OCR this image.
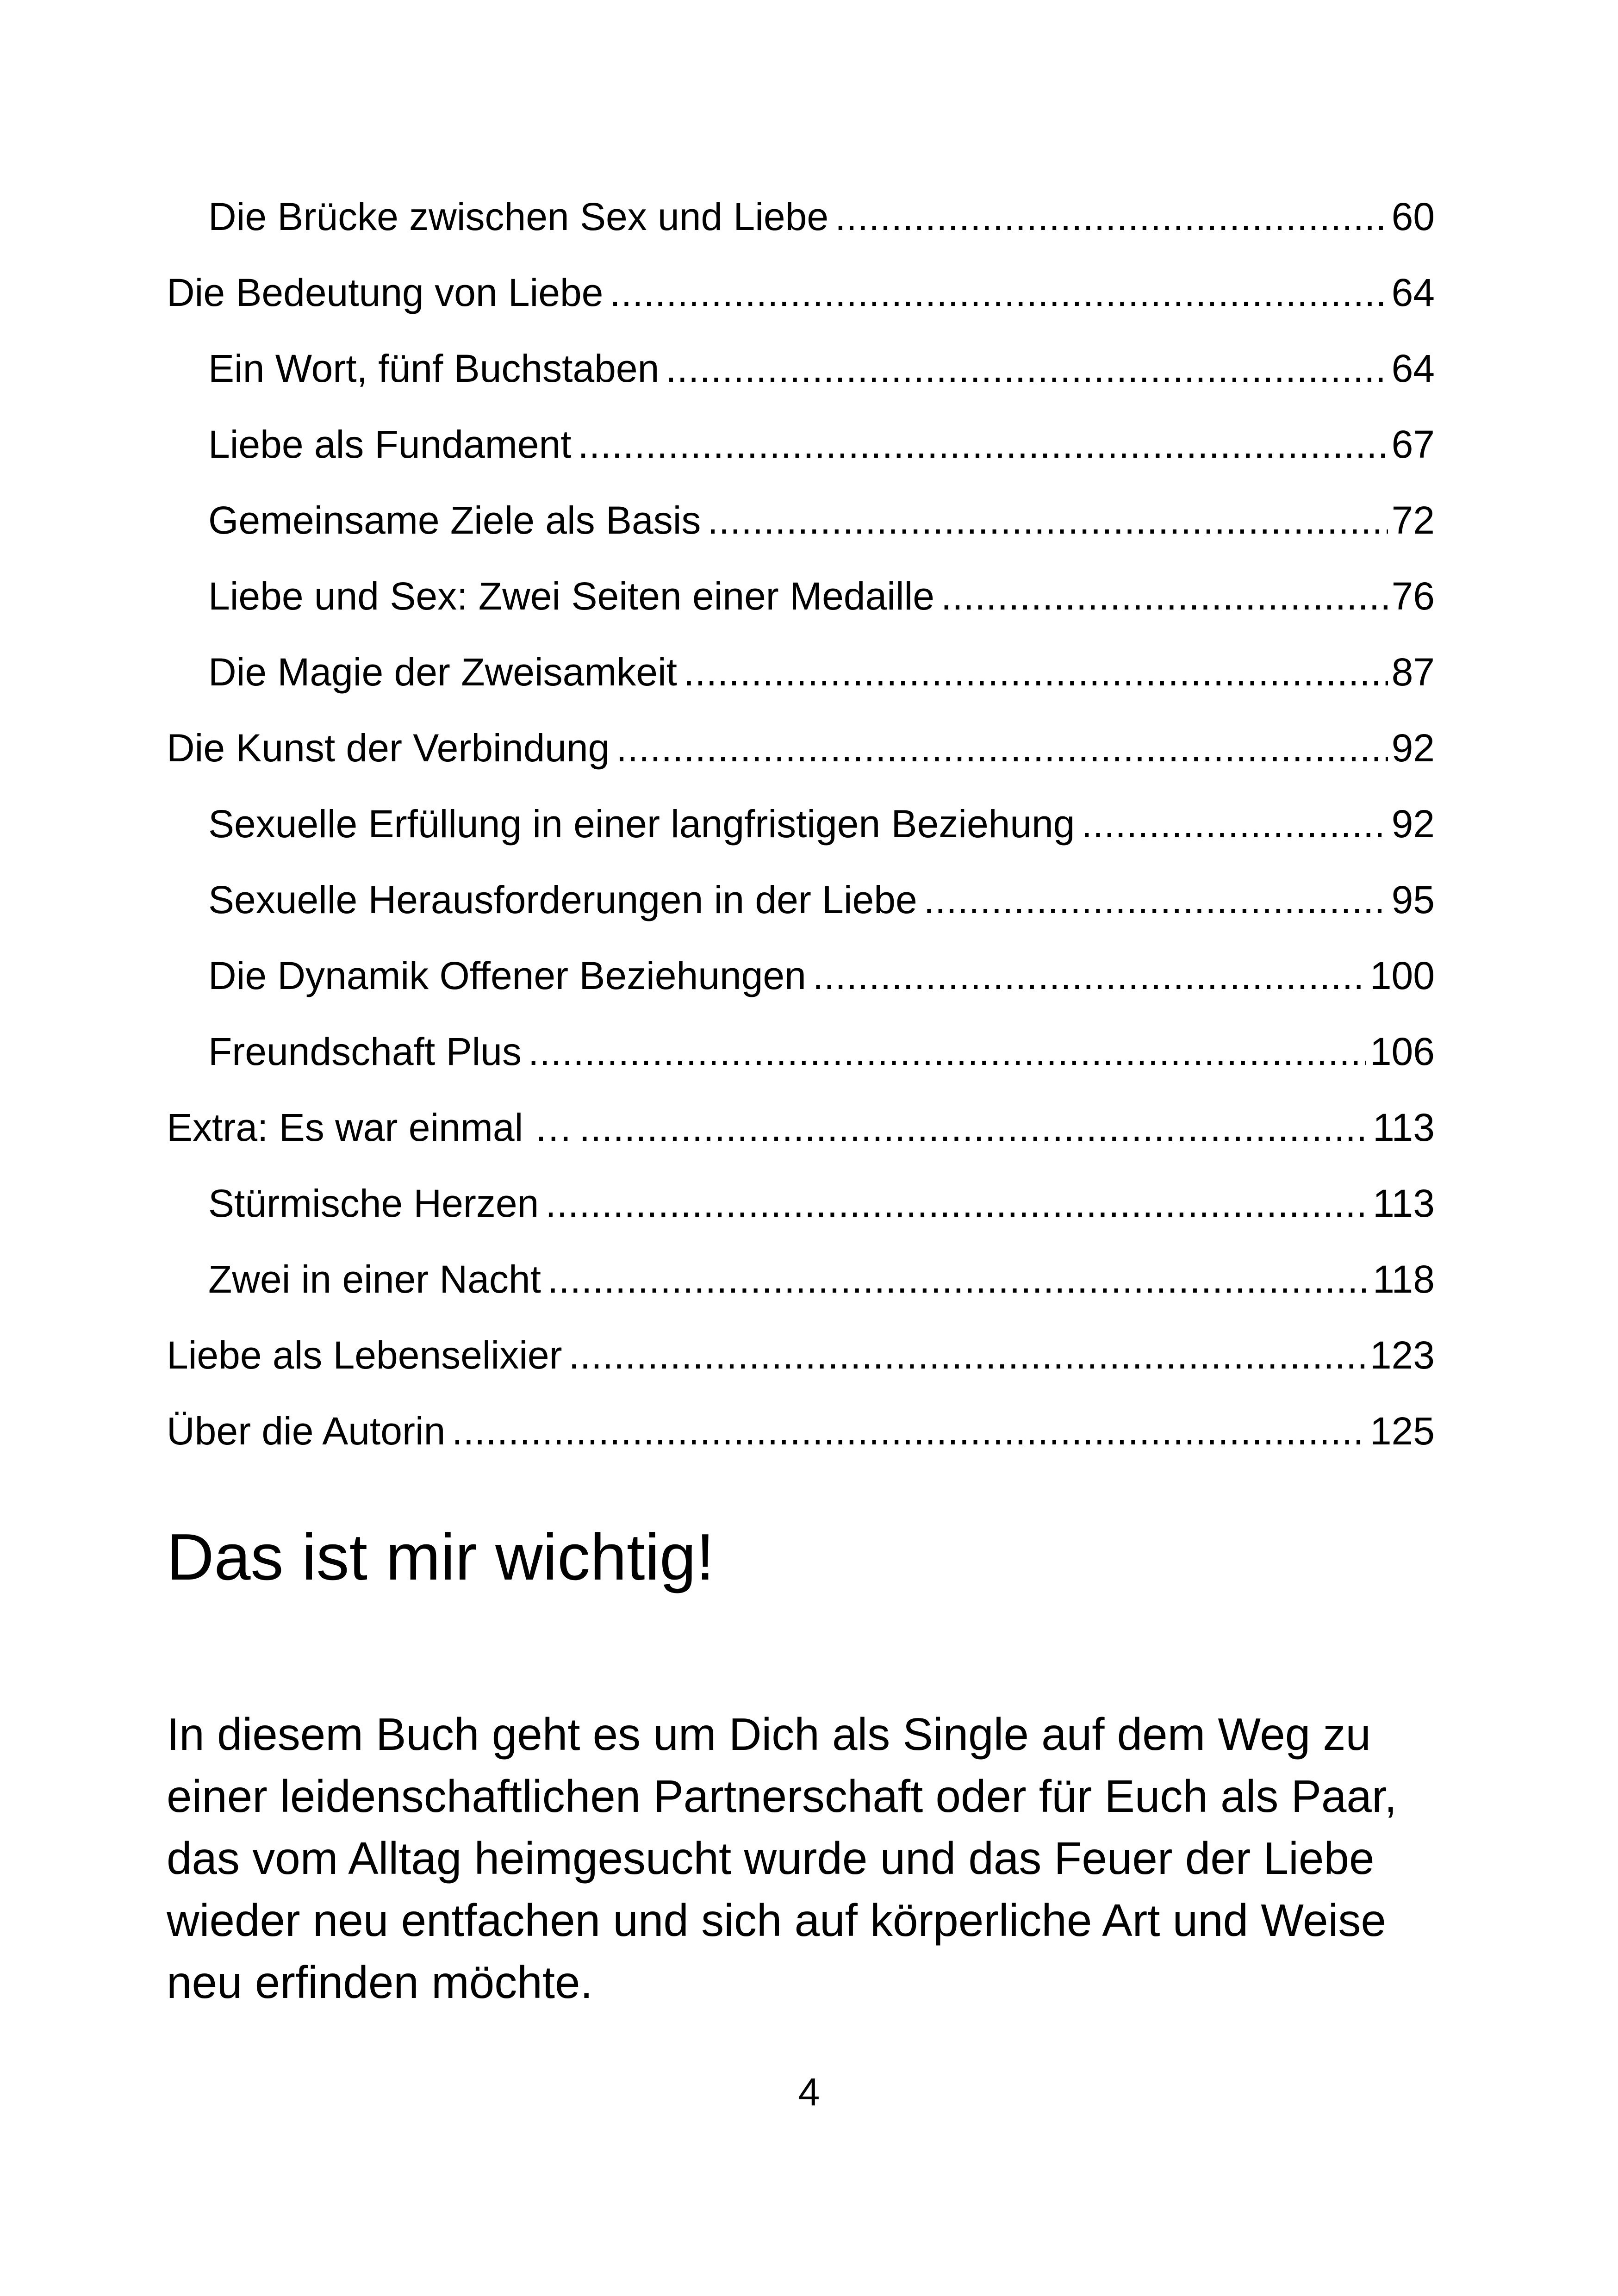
Die Brücke zwischen Sex und Liebe .....	60
Die Bedeutung von Liebe .....	64
Ein Wort, fünf Buchstaben .....	64
Liebe als Fundament .....	67
Gemeinsame Ziele als Basis .....	72
Liebe und Sex: Zwei Seiten einer Medaille .....	76
Die Magie der Zweisamkeit .....	87
Die Kunst der Verbindung .....	92
Sexuelle Erfüllung in einer langfristigen Beziehung .....	92
Sexuelle Herausforderungen in der Liebe .....	95
Die Dynamik Offener Beziehungen .....	100
Freundschaft Plus .....	106
Extra: Es war einmal … .....	113
Stürmische Herzen .....	113
Zwei in einer Nacht .....	118
Liebe als Lebenselixier .....	123
Über die Autorin .....	125
Das ist mir wichtig!

In diesem Buch geht es um Dich als Single auf dem Weg zu einer leidenschaftlichen Partnerschaft oder für Euch als Paar, das vom Alltag heimgesucht wurde und das Feuer der Liebe wieder neu entfachen und sich auf körperliche Art und Weise neu erfinden möchte.

4
